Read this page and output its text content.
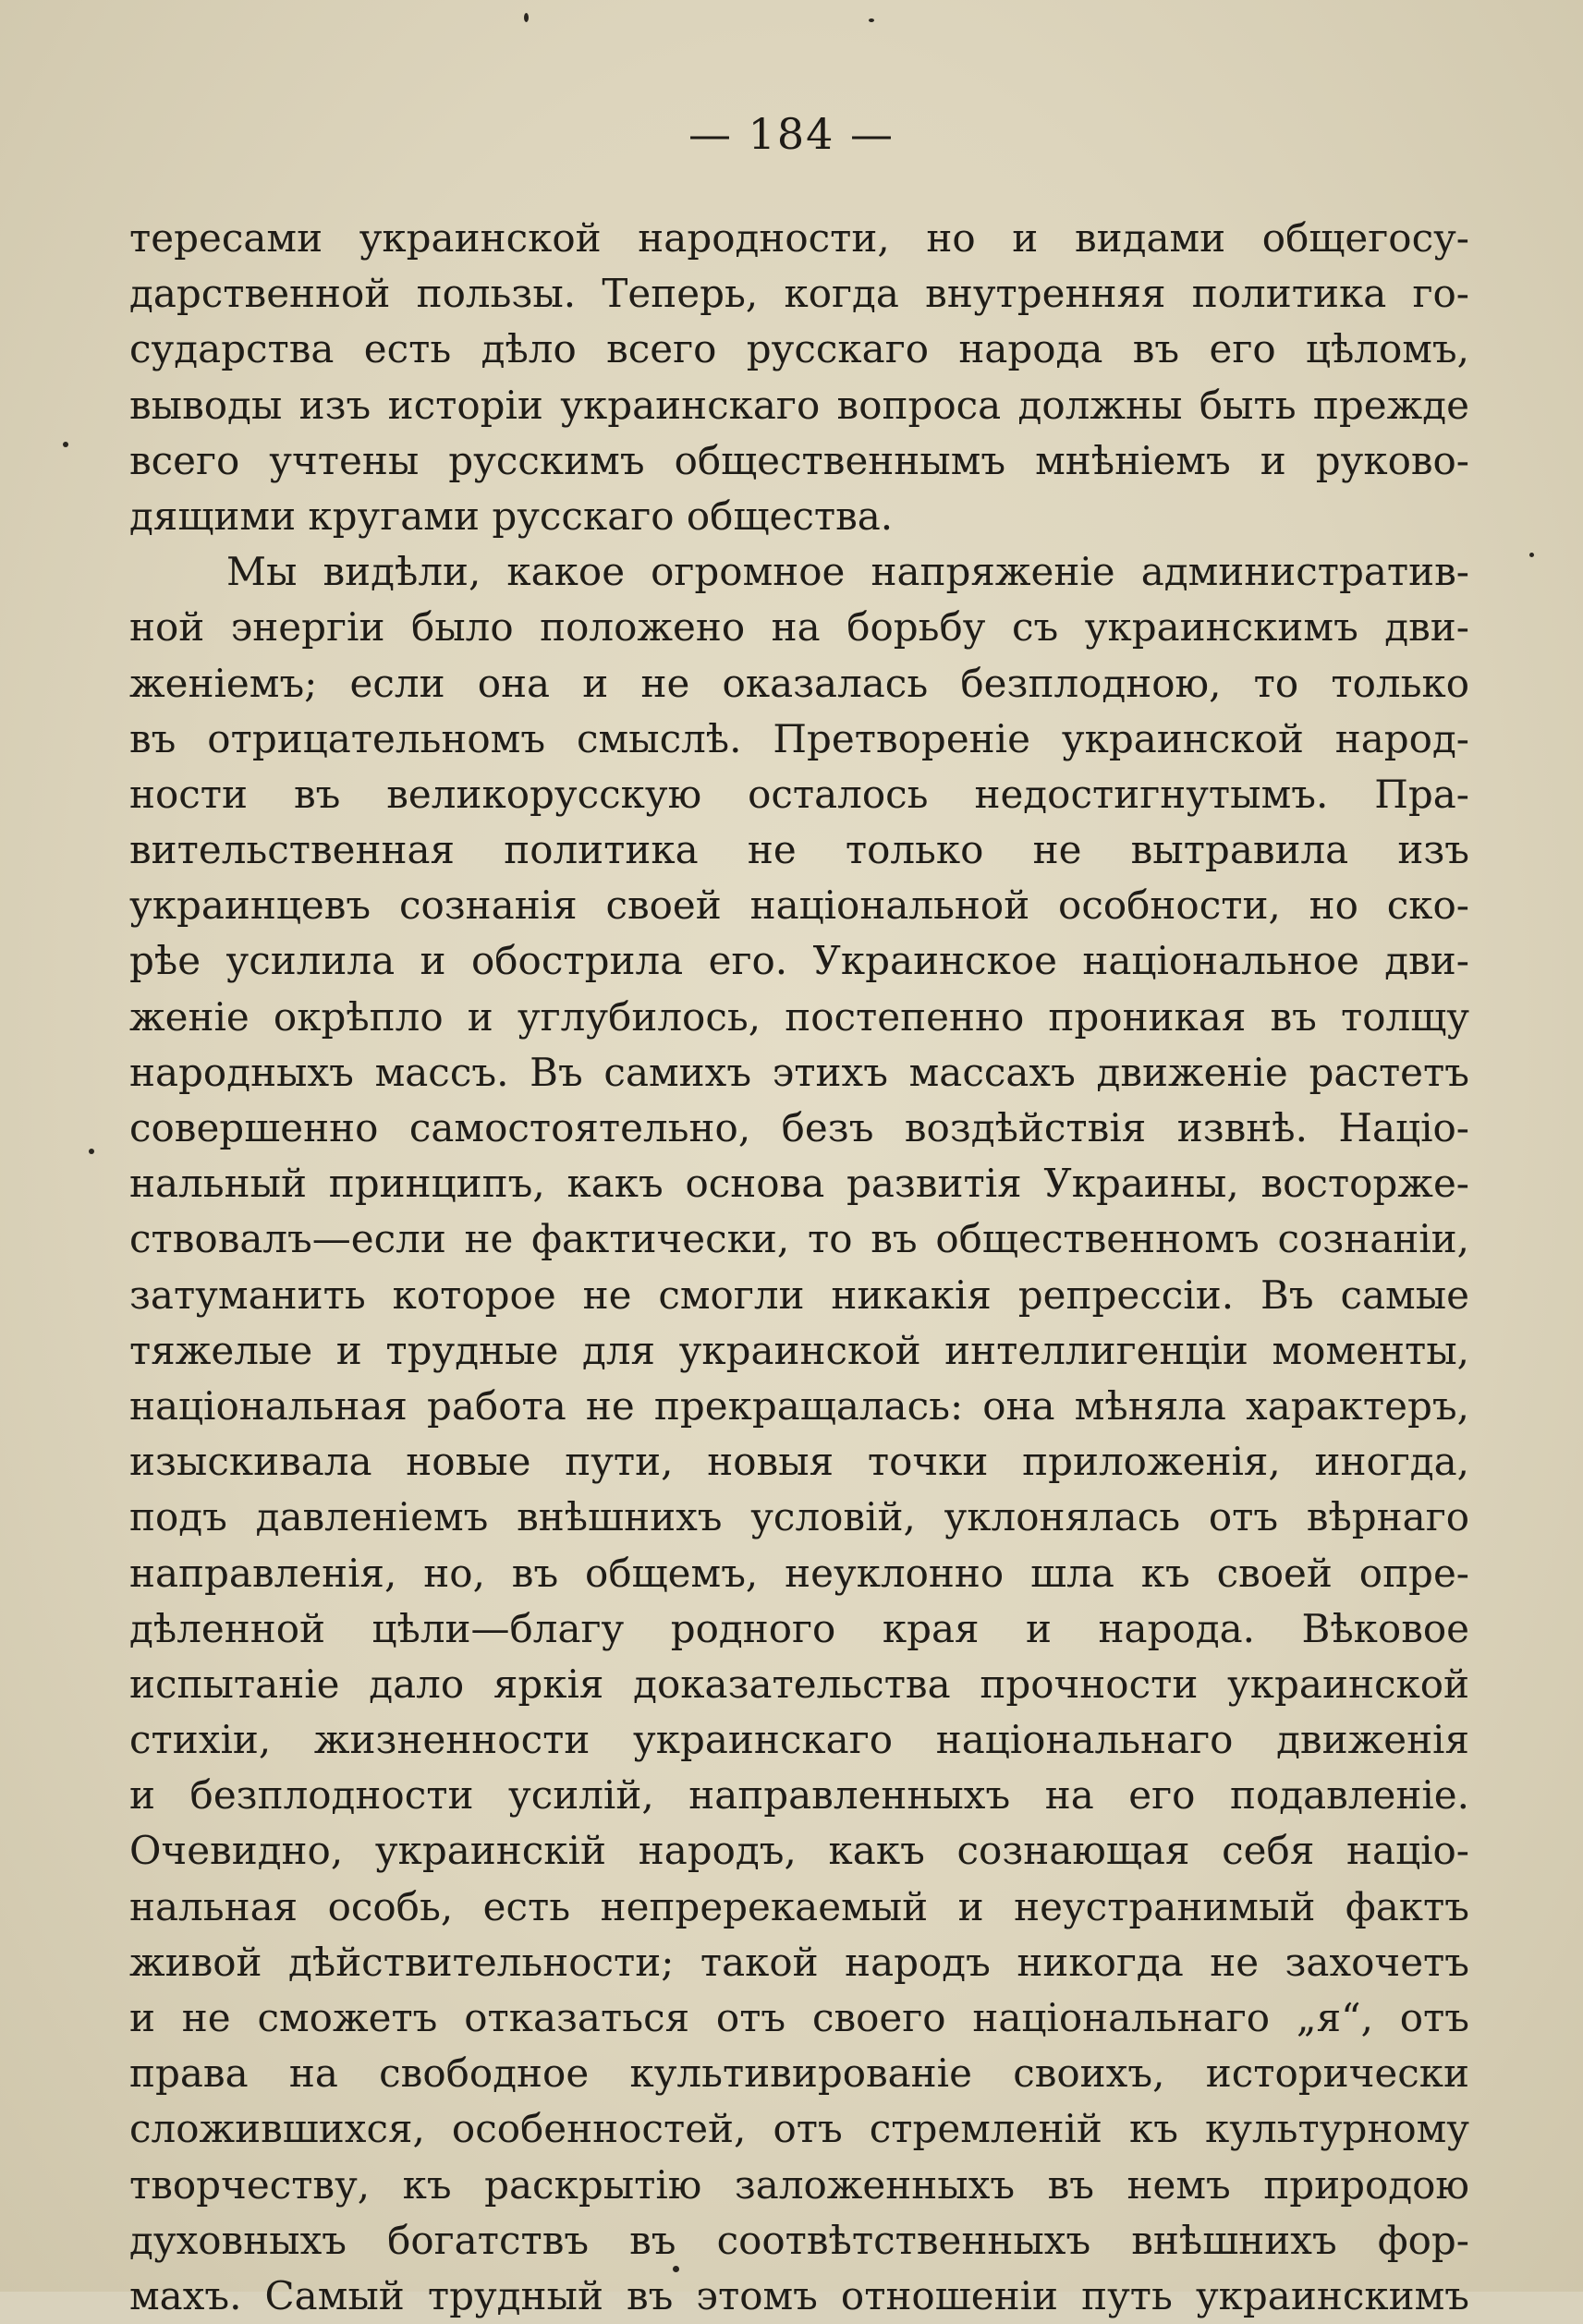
— 184 —
тересами украинской народности, но и видами общегосу-
дарственной пользы. Теперь, когда внутренняя политика го-
сударства есть дѣло всего русскаго народа въ его цѣломъ,
выводы изъ исторіи украинскаго вопроса должны быть прежде
всего учтены русскимъ общественнымъ мнѣніемъ и руково-
дящими кругами русскаго общества.
Мы видѣли, какое огромное напряженіе административ-
ной энергіи было положено на борьбу съ украинскимъ дви-
женіемъ; если она и не оказалась безплодною, то только
въ отрицательномъ смыслѣ. Претвореніе украинской народ-
ности въ великорусскую осталось недостигнутымъ. Пра-
вительственная политика не только не вытравила изъ
украинцевъ сознанія своей національной особности, но ско-
рѣе усилила и обострила его. Украинское національное дви-
женіе окрѣпло и углубилось, постепенно проникая въ толщу
народныхъ массъ. Въ самихъ этихъ массахъ движеніе растетъ
совершенно самостоятельно, безъ воздѣйствія извнѣ. Націо-
нальный принципъ, какъ основа развитія Украины, восторже-
ствовалъ—если не фактически, то въ общественномъ сознаніи,
затуманить которое не смогли никакія репрессіи. Въ самые
тяжелые и трудные для украинской интеллигенціи моменты,
національная работа не прекращалась: она мѣняла характеръ,
изыскивала новые пути, новыя точки приложенія, иногда,
подъ давленіемъ внѣшнихъ условій, уклонялась отъ вѣрнаго
направленія, но, въ общемъ, неуклонно шла къ своей опре-
дѣленной цѣли—благу родного края и народа. Вѣковое
испытаніе дало яркія доказательства прочности украинской
стихіи, жизненности украинскаго національнаго движенія
и безплодности усилій, направленныхъ на его подавленіе.
Очевидно, украинскій народъ, какъ сознающая себя націо-
нальная особь, есть непререкаемый и неустранимый фактъ
живой дѣйствительности; такой народъ никогда не захочетъ
и не сможетъ отказаться отъ своего національнаго „я“, отъ
права на свободное культивированіе своихъ, исторически
сложившихся, особенностей, отъ стремленій къ культурному
творчеству, къ раскрытію заложенныхъ въ немъ природою
духовныхъ богатствъ въ соотвѣтственныхъ внѣшнихъ фор-
махъ. Самый трудный въ этомъ отношеніи путь украинскимъ
